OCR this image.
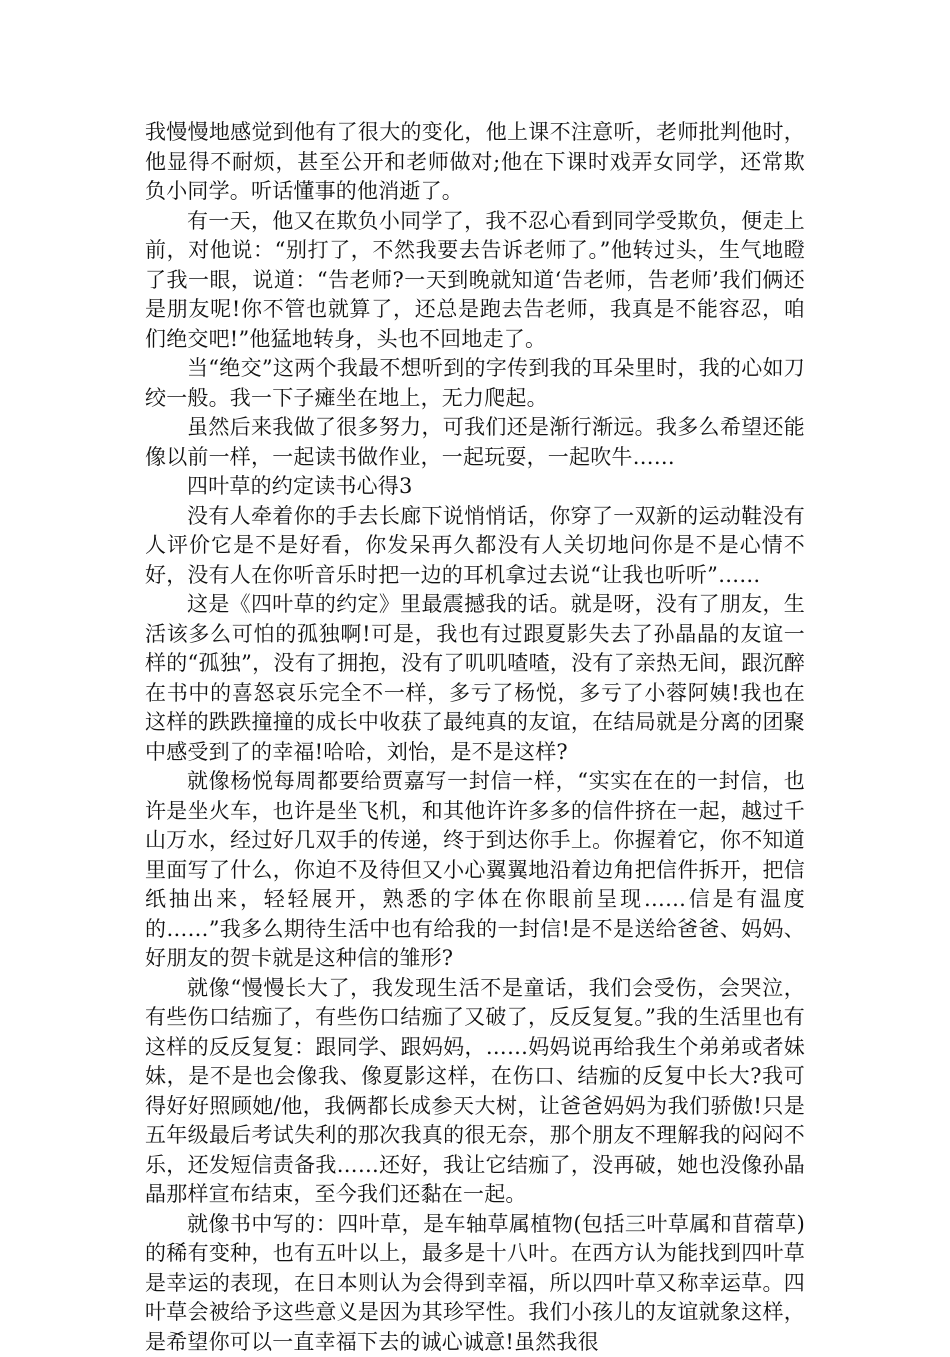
我慢慢地感觉到他有了很大的变化，他上课不注意听，老师批判他时，他显得不耐烦，甚至公开和老师做对;他在下课时戏弄女同学，还常欺负小同学。听话懂事的他消逝了。

有一天，他又在欺负小同学了，我不忍心看到同学受欺负，便走上前，对他说：“别打了，不然我要去告诉老师了。”他转过头，生气地瞪了我一眼，说道：“告老师?一天到晚就知道‘告老师，告老师’我们俩还是朋友呢!你不管也就算了，还总是跑去告老师，我真是不能容忍，咱们绝交吧!”他猛地转身，头也不回地走了。

当“绝交”这两个我最不想听到的字传到我的耳朵里时，我的心如刀绞一般。我一下子瘫坐在地上，无力爬起。

虽然后来我做了很多努力，可我们还是渐行渐远。我多么希望还能像以前一样，一起读书做作业，一起玩耍，一起吹牛……

四叶草的约定读书心得3

没有人牵着你的手去长廊下说悄悄话，你穿了一双新的运动鞋没有人评价它是不是好看，你发呆再久都没有人关切地问你是不是心情不好，没有人在你听音乐时把一边的耳机拿过去说“让我也听听”……

这是《四叶草的约定》里最震撼我的话。就是呀，没有了朋友，生活该多么可怕的孤独啊!可是，我也有过跟夏影失去了孙晶晶的友谊一样的“孤独”，没有了拥抱，没有了叽叽喳喳，没有了亲热无间，跟沉醉在书中的喜怒哀乐完全不一样，多亏了杨悦，多亏了小蓉阿姨!我也在这样的跌跌撞撞的成长中收获了最纯真的友谊，在结局就是分离的团聚中感受到了的幸福!哈哈，刘怡，是不是这样?

就像杨悦每周都要给贾嘉写一封信一样，“实实在在的一封信，也许是坐火车，也许是坐飞机，和其他许许多多的信件挤在一起，越过千山万水，经过好几双手的传递，终于到达你手上。你握着它，你不知道里面写了什么，你迫不及待但又小心翼翼地沿着边角把信件拆开，把信纸抽出来，轻轻展开，熟悉的字体在你眼前呈现……信是有温度的……”我多么期待生活中也有给我的一封信!是不是送给爸爸、妈妈、好朋友的贺卡就是这种信的雏形?

就像“慢慢长大了，我发现生活不是童话，我们会受伤，会哭泣，有些伤口结痂了，有些伤口结痂了又破了，反反复复。”我的生活里也有这样的反反复复：跟同学、跟妈妈，……妈妈说再给我生个弟弟或者妹妹，是不是也会像我、像夏影这样，在伤口、结痂的反复中长大?我可得好好照顾她/他，我俩都长成参天大树，让爸爸妈妈为我们骄傲!只是五年级最后考试失利的那次我真的很无奈，那个朋友不理解我的闷闷不乐，还发短信责备我……还好，我让它结痂了，没再破，她也没像孙晶晶那样宣布结束，至今我们还黏在一起。

就像书中写的：四叶草，是车轴草属植物(包括三叶草属和苜蓿草)的稀有变种，也有五叶以上，最多是十八叶。在西方认为能找到四叶草是幸运的表现，在日本则认为会得到幸福，所以四叶草又称幸运草。四叶草会被给予这些意义是因为其珍罕性。我们小孩儿的友谊就象这样，是希望你可以一直幸福下去的诚心诚意!虽然我很
